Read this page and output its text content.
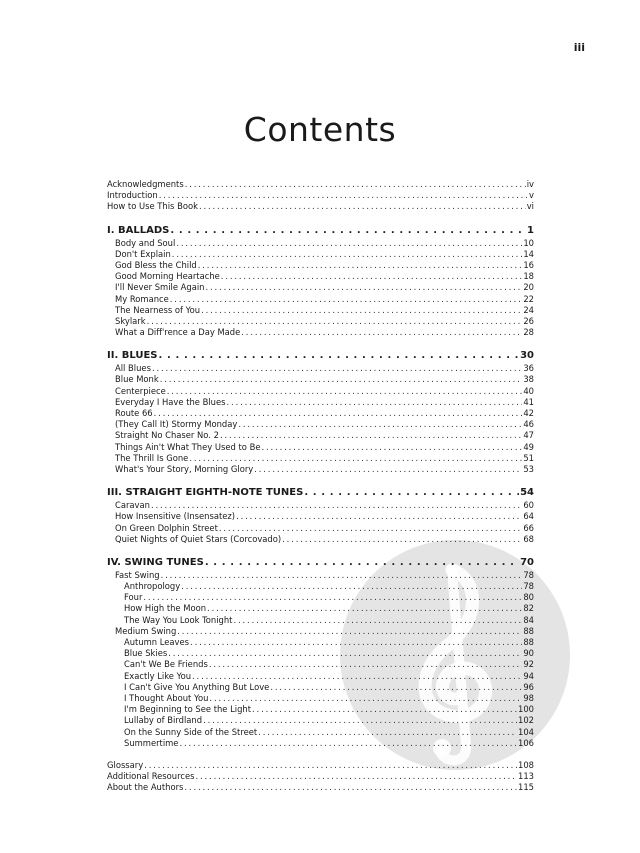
iii
Contents
Acknowledgments . . .	iv
Introduction . . .	v
How to Use This Book . . .	vi
I. BALLADS . . .	1
Body and Soul . . .	10
Don't Explain . . .	14
God Bless the Child . . .	16
Good Morning Heartache . . .	18
I'll Never Smile Again . . .	20
My Romance . . .	22
The Nearness of You . . .	24
Skylark . . .	26
What a Diff'rence a Day Made . . .	28
II. BLUES . . .	30
All Blues . . .	36
Blue Monk . . .	38
Centerpiece . . .	40
Everyday I Have the Blues . . .	41
Route 66 . . .	42
(They Call It) Stormy Monday . . .	46
Straight No Chaser No. 2 . . .	47
Things Ain't What They Used to Be . . .	49
The Thrill Is Gone . . .	51
What's Your Story, Morning Glory . . .	53
III. STRAIGHT EIGHTH-NOTE TUNES . . .	54
Caravan . . .	60
How Insensitive (Insensatez) . . .	64
On Green Dolphin Street . . .	66
Quiet Nights of Quiet Stars (Corcovado) . . .	68
IV. SWING TUNES . . .	70
Fast Swing . . .	78
Anthropology . . .	78
Four . . .	80
How High the Moon . . .	82
The Way You Look Tonight . . .	84
Medium Swing . . .	88
Autumn Leaves . . .	88
Blue Skies . . .	90
Can't We Be Friends . . .	92
Exactly Like You . . .	94
I Can't Give You Anything But Love . . .	96
I Thought About You . . .	98
I'm Beginning to See the Light . . .	100
Lullaby of Birdland . . .	102
On the Sunny Side of the Street . . .	104
Summertime . . .	106
Glossary . . .	108
Additional Resources . . .	113
About the Authors . . .	115
